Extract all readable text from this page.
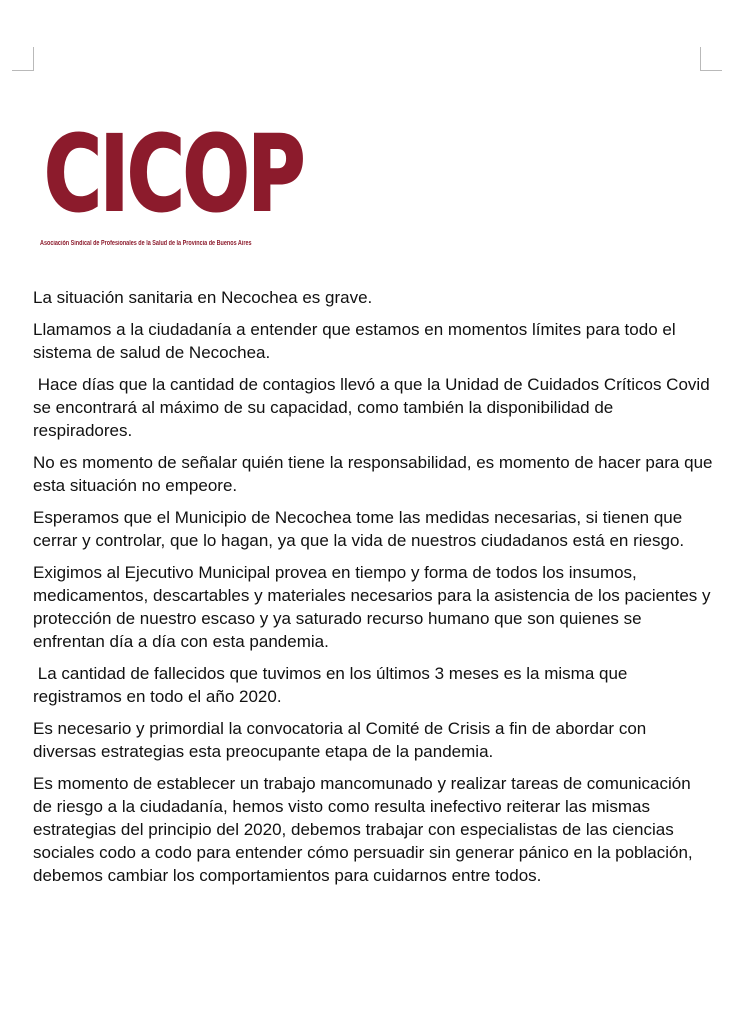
CICOP
Asociación Sindical de Profesionales de la Salud de la Provincia de Buenos Aires

La situación sanitaria en Necochea es grave.

Llamamos a la ciudadanía a entender que estamos en momentos límites para todo el sistema de salud de Necochea.

Hace días que la cantidad de contagios llevó a que la Unidad de Cuidados Críticos Covid se encontrará al máximo de su capacidad, como también la disponibilidad de respiradores.

No es momento de señalar quién tiene la responsabilidad, es momento de hacer para que esta situación no empeore.

Esperamos que el Municipio de Necochea tome las medidas necesarias, si tienen que cerrar y controlar, que lo hagan, ya que la vida de nuestros ciudadanos está en riesgo.

Exigimos al Ejecutivo Municipal provea en tiempo y forma de todos los insumos, medicamentos, descartables y materiales necesarios para la asistencia de los pacientes y protección de nuestro escaso y ya saturado recurso humano que son quienes se enfrentan día a día con esta pandemia.

La cantidad de fallecidos que tuvimos en los últimos 3 meses es la misma que registramos en todo el año 2020.

Es necesario y primordial la convocatoria al Comité de Crisis a fin de abordar con diversas estrategias esta preocupante etapa de la pandemia.

Es momento de establecer un trabajo mancomunado y realizar tareas de comunicación de riesgo a la ciudadanía, hemos visto como resulta inefectivo reiterar las mismas estrategias del principio del 2020, debemos trabajar con especialistas de las ciencias sociales codo a codo para entender cómo persuadir sin generar pánico en la población, debemos cambiar los comportamientos para cuidarnos entre todos.
